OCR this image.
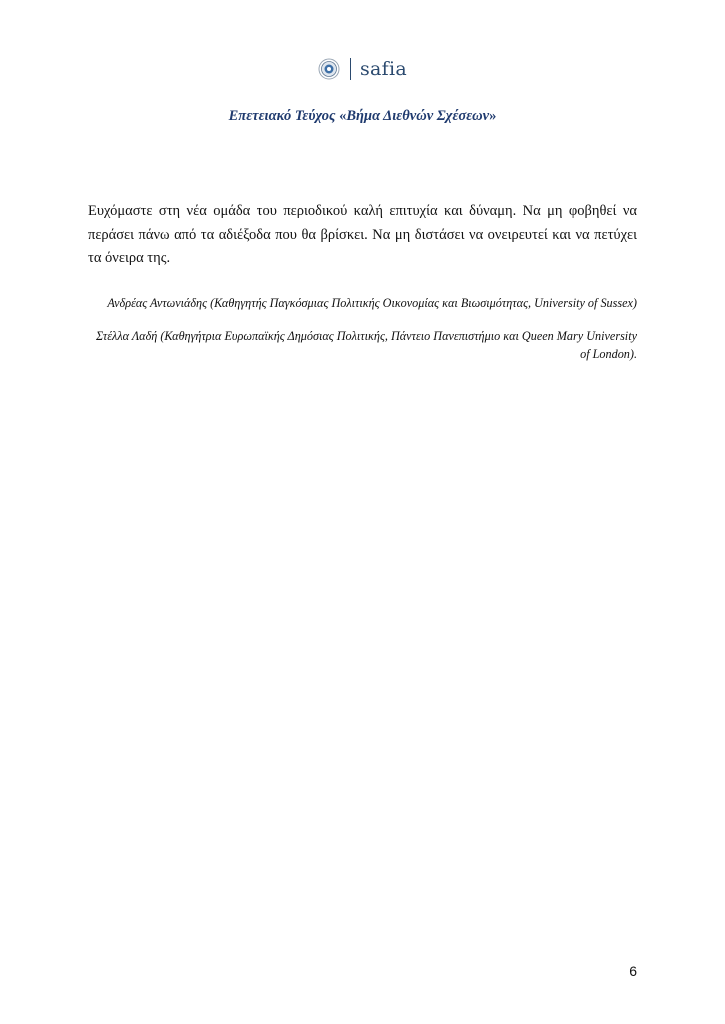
safia
Επετειακό Τεύχος «Βήμα Διεθνών Σχέσεων»

Ευχόμαστε στη νέα ομάδα του περιοδικού καλή επιτυχία και δύναμη. Να μη φοβηθεί να περάσει πάνω από τα αδιέξοδα που θα βρίσκει. Να μη διστάσει να ονειρευτεί και να πετύχει τα όνειρα της.

Ανδρέας Αντωνιάδης (Καθηγητής Παγκόσμιας Πολιτικής Οικονομίας και Βιωσιμότητας, University of Sussex)

Στέλλα Λαδή (Καθηγήτρια Ευρωπαϊκής Δημόσιας Πολιτικής, Πάντειο Πανεπιστήμιο και Queen Mary University of London).

6
